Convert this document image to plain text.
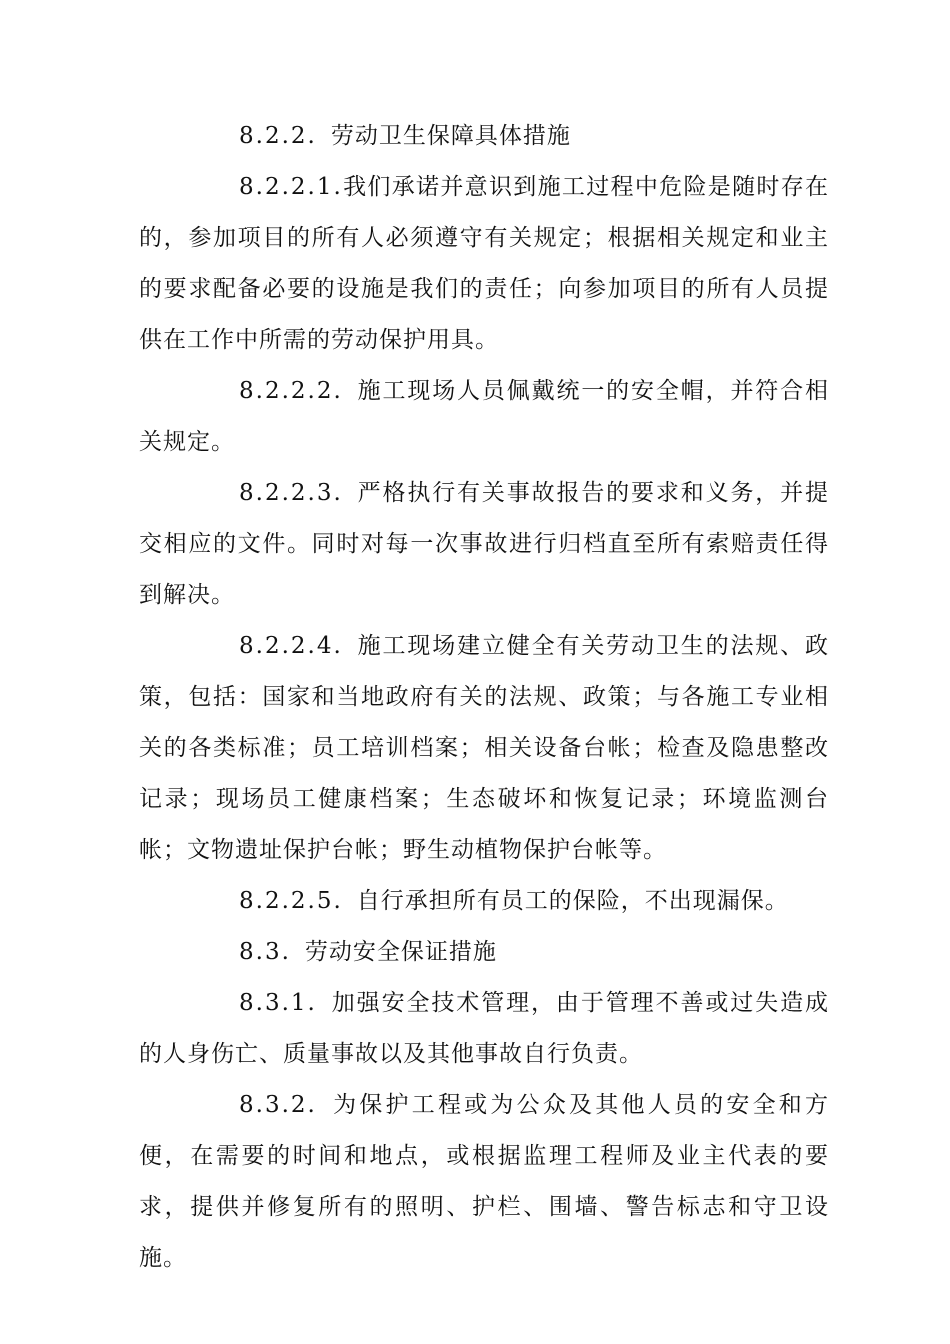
8.2.2. 劳动卫生保障具体措施

8.2.2.1.我们承诺并意识到施工过程中危险是随时存在的，参加项目的所有人必须遵守有关规定；根据相关规定和业主的要求配备必要的设施是我们的责任；向参加项目的所有人员提供在工作中所需的劳动保护用具。

8.2.2.2. 施工现场人员佩戴统一的安全帽，并符合相关规定。

8.2.2.3. 严格执行有关事故报告的要求和义务，并提交相应的文件。同时对每一次事故进行归档直至所有索赔责任得到解决。

8.2.2.4. 施工现场建立健全有关劳动卫生的法规、政策，包括：国家和当地政府有关的法规、政策；与各施工专业相关的各类标准；员工培训档案；相关设备台帐；检查及隐患整改记录；现场员工健康档案；生态破坏和恢复记录；环境监测台帐；文物遗址保护台帐；野生动植物保护台帐等。

8.2.2.5. 自行承担所有员工的保险，不出现漏保。

8.3. 劳动安全保证措施

8.3.1. 加强安全技术管理，由于管理不善或过失造成的人身伤亡、质量事故以及其他事故自行负责。

8.3.2. 为保护工程或为公众及其他人员的安全和方便，在需要的时间和地点，或根据监理工程师及业主代表的要求，提供并修复所有的照明、护栏、围墙、警告标志和守卫设施。
